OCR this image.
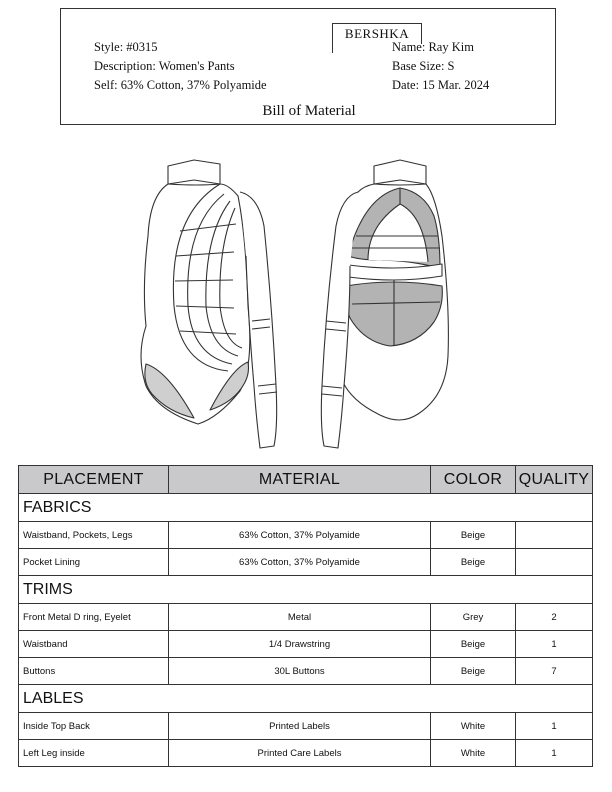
BERSHKA
Style: #0315
Description: Women's Pants
Self: 63% Cotton, 37% Polyamide
Name: Ray Kim
Base Size: S
Date: 15 Mar. 2024
Bill of Material
PLACEMENT	MATERIAL	COLOR	QUALITY
FABRICS			
Waistband, Pockets, Legs	63% Cotton, 37% Polyamide	Beige	
Pocket Lining	63% Cotton, 37% Polyamide	Beige	
TRIMS			
Front Metal D ring, Eyelet	Metal	Grey	2
Waistband	1/4 Drawstring	Beige	1
Buttons	30L Buttons	Beige	7
LABLES			
Inside Top Back	Printed Labels	White	1
Left Leg inside	Printed Care Labels	White	1
